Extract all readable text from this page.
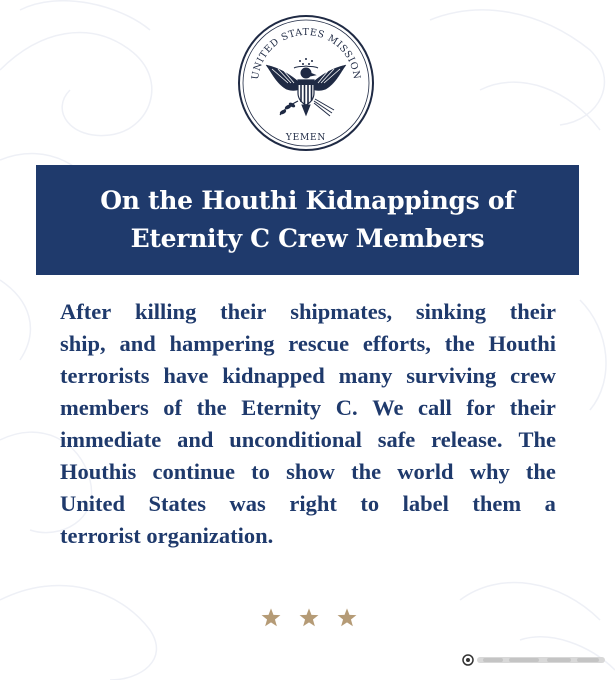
UNITED STATES MISSION
YEMEN
On the Houthi Kidnappings of
Eternity C Crew Members
After killing their shipmates, sinking their
ship, and hampering rescue efforts, the Houthi
terrorists have kidnapped many surviving crew
members of the Eternity C. We call for their
immediate and unconditional safe release. The
Houthis continue to show the world why the
United States was right to label them a
terrorist organization.
